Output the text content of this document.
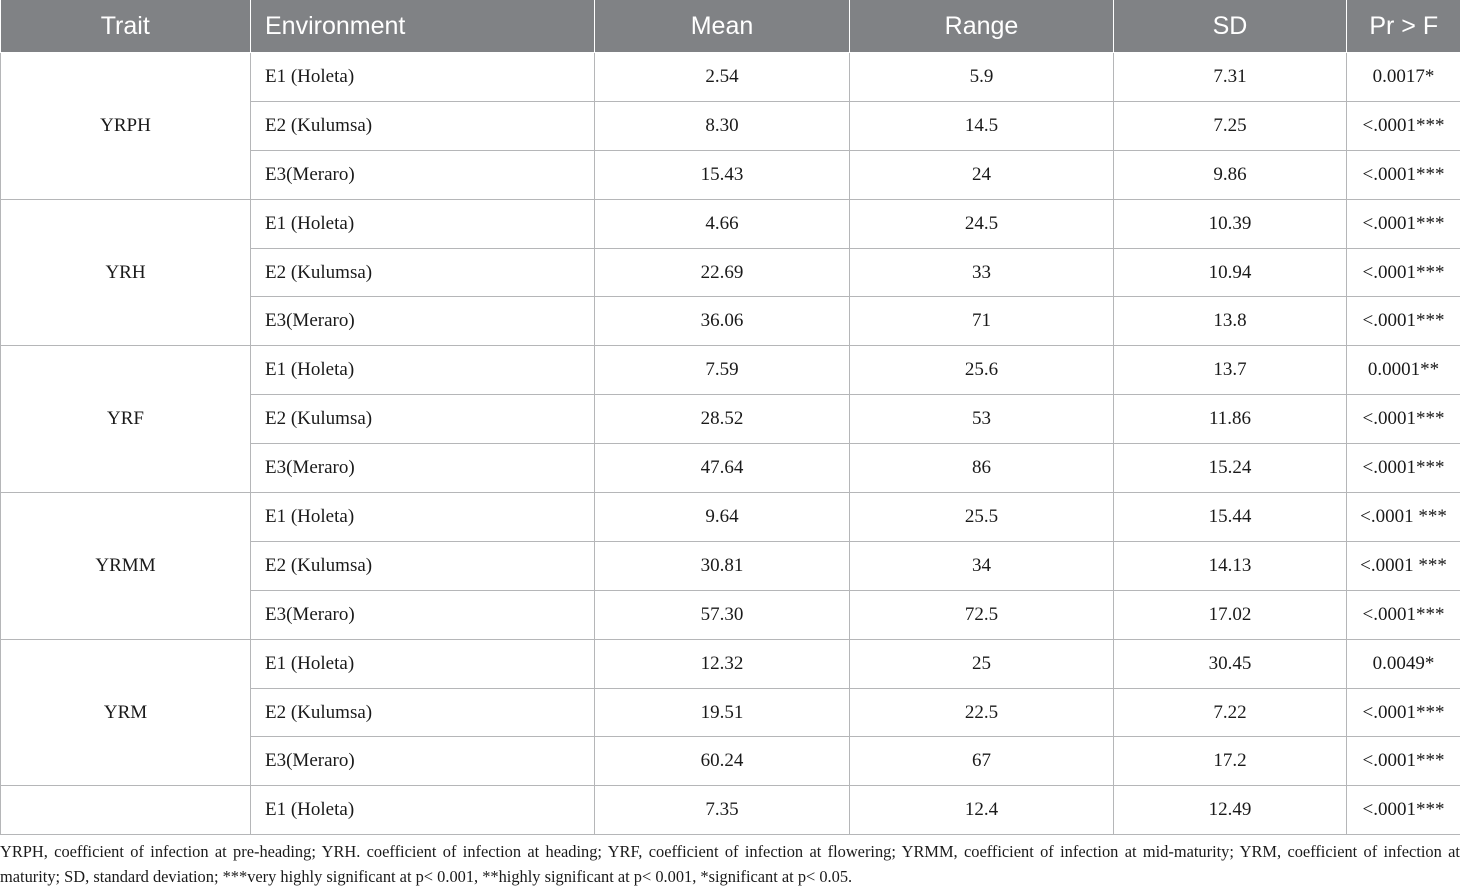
Trait	Environment	Mean	Range	SD	Pr > F
YRPH	E1 (Holeta)	2.54	5.9	7.31	0.0017*
	E2 (Kulumsa)	8.30	14.5	7.25	<.0001***
	E3(Meraro)	15.43	24	9.86	<.0001***
YRH	E1 (Holeta)	4.66	24.5	10.39	<.0001***
	E2 (Kulumsa)	22.69	33	10.94	<.0001***
	E3(Meraro)	36.06	71	13.8	<.0001***
YRF	E1 (Holeta)	7.59	25.6	13.7	0.0001**
	E2 (Kulumsa)	28.52	53	11.86	<.0001***
	E3(Meraro)	47.64	86	15.24	<.0001***
YRMM	E1 (Holeta)	9.64	25.5	15.44	<.0001 ***
	E2 (Kulumsa)	30.81	34	14.13	<.0001 ***
	E3(Meraro)	57.30	72.5	17.02	<.0001***
YRM	E1 (Holeta)	12.32	25	30.45	0.0049*
	E2 (Kulumsa)	19.51	22.5	7.22	<.0001***
	E3(Meraro)	60.24	67	17.2	<.0001***
	E1 (Holeta)	7.35	12.4	12.49	<.0001***
YRPH, coefficient of infection at pre-heading; YRH. coefficient of infection at heading; YRF, coefficient of infection at flowering; YRMM, coefficient of infection at mid-maturity; YRM, coefficient of infection at maturity; SD, standard deviation; ***very highly significant at p< 0.001, **highly significant at p< 0.001, *significant at p< 0.05.
